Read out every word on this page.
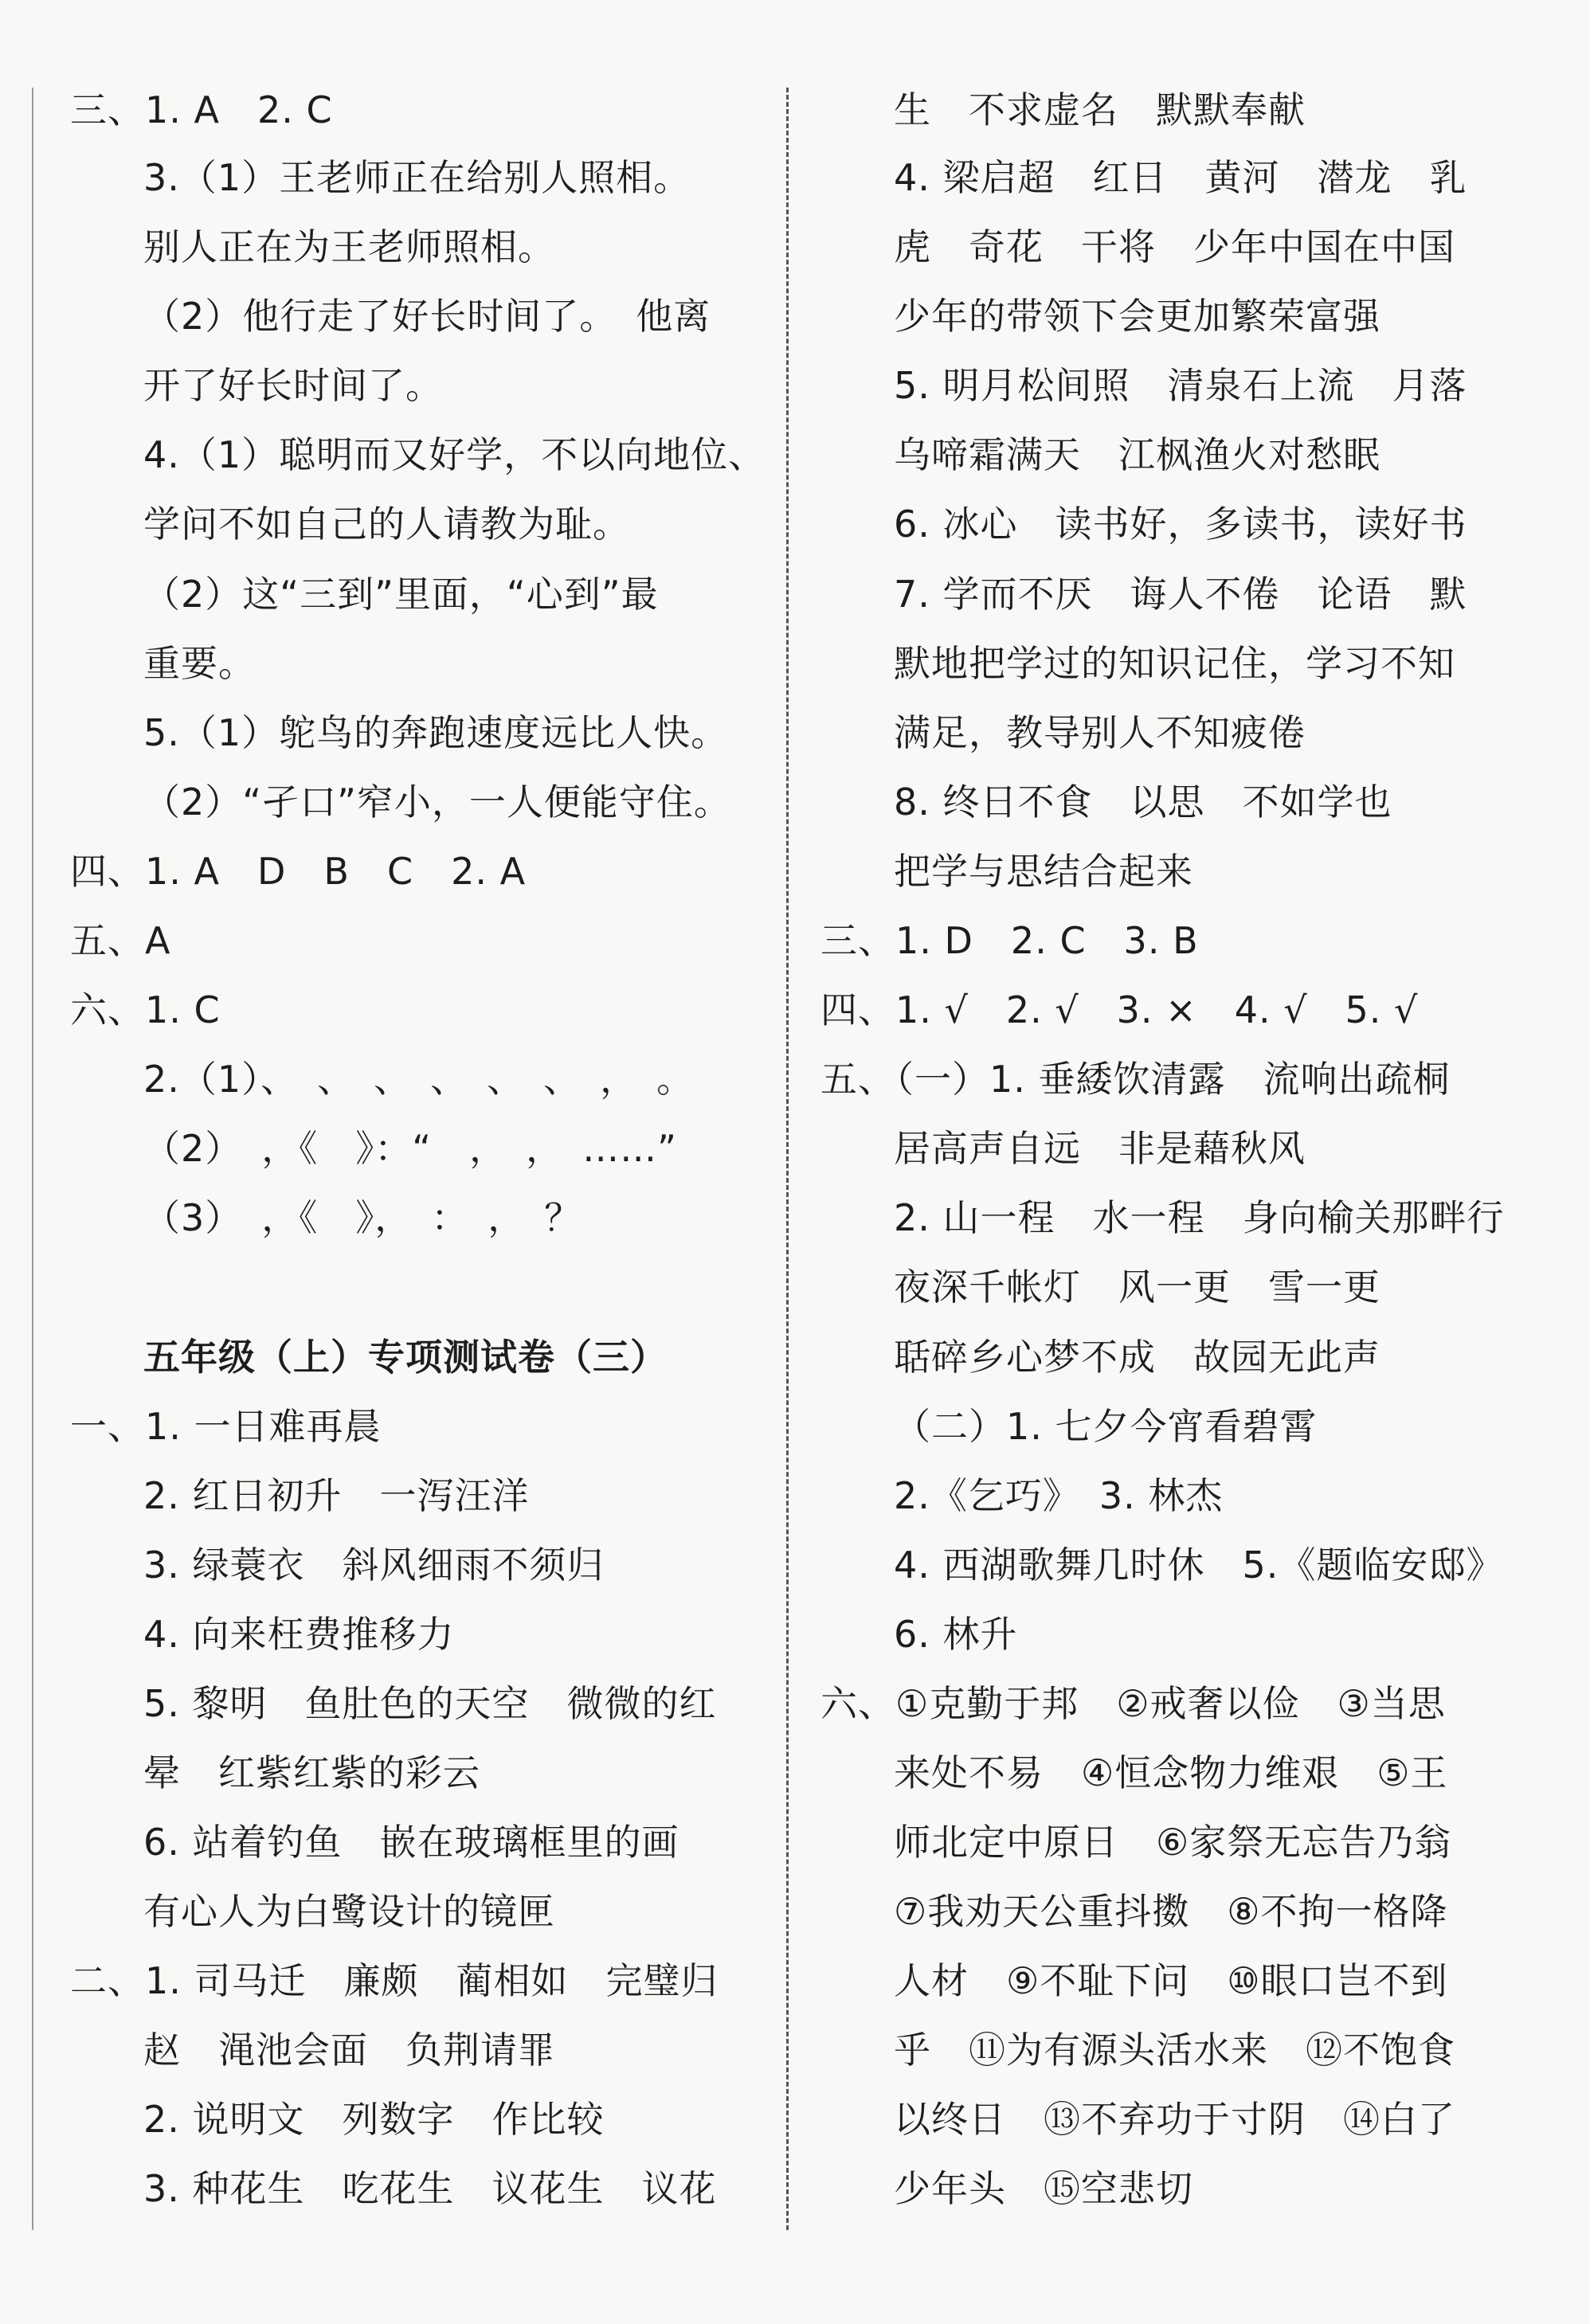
三、1. A　2. C
3.（1）王老师正在给别人照相。
别人正在为王老师照相。
（2）他行走了好长时间了。　他离
开了好长时间了。
4.（1）聪明而又好学，不以向地位、
学问不如自己的人请教为耻。
（2）这“三到”里面，“心到”最
重要。
5.（1）鸵鸟的奔跑速度远比人快。
（2）“孑口”窄小，一人便能守住。
四、1. A　D　B　C　2. A
五、A
六、1. C
2.（1）、　、　、　、　、　、　，　。
（2）　，《　》：“　，　，　……”
（3）　，《　》，　：　，　？
五年级（上）专项测试卷（三）
一、1. 一日难再晨
2. 红日初升　一泻汪洋
3. 绿蓑衣　斜风细雨不须归
4. 向来枉费推移力
5. 黎明　鱼肚色的天空　微微的红
晕　红紫红紫的彩云
6. 站着钓鱼　嵌在玻璃框里的画
有心人为白鹭设计的镜匣
二、1. 司马迁　廉颇　蔺相如　完璧归
赵　渑池会面　负荆请罪
2. 说明文　列数字　作比较
3. 种花生　吃花生　议花生　议花
生　不求虚名　默默奉献
4. 梁启超　红日　黄河　潜龙　乳
虎　奇花　干将　少年中国在中国
少年的带领下会更加繁荣富强
5. 明月松间照　清泉石上流　月落
乌啼霜满天　江枫渔火对愁眠
6. 冰心　读书好，多读书，读好书
7. 学而不厌　诲人不倦　论语　默
默地把学过的知识记住，学习不知
满足，教导别人不知疲倦
8. 终日不食　以思　不如学也
把学与思结合起来
三、1. D　2. C　3. B
四、1. √　2. √　3. ×　4. √　5. √
五、（一）1. 垂緌饮清露　流响出疏桐
居高声自远　非是藉秋风
2. 山一程　水一程　身向榆关那畔行
夜深千帐灯　风一更　雪一更
聒碎乡心梦不成　故园无此声
（二）1. 七夕今宵看碧霄
2.《乞巧》　3. 林杰
4. 西湖歌舞几时休　5.《题临安邸》
6. 林升
六、①克勤于邦　②戒奢以俭　③当思
来处不易　④恒念物力维艰　⑤王
师北定中原日　⑥家祭无忘告乃翁
⑦我劝天公重抖擞　⑧不拘一格降
人材　⑨不耻下问　⑩眼口岂不到
乎　⑪为有源头活水来　⑫不饱食
以终日　⑬不弃功于寸阴　⑭白了
少年头　⑮空悲切
